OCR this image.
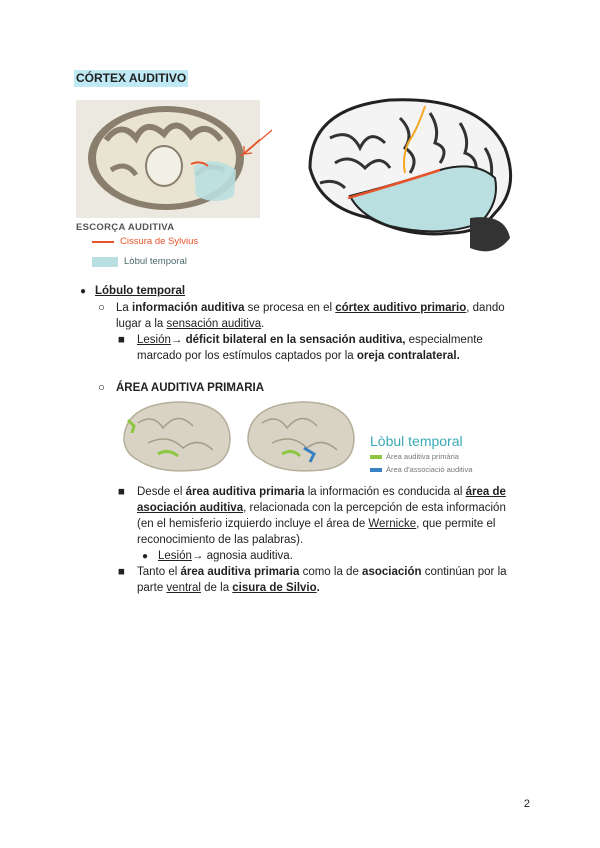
CÓRTEX AUDITIVO
ESCORÇA AUDITIVA
Cissura de Sylvius
Lòbul temporal
● Lóbulo temporal
○ La información auditiva se procesa en el córtex auditivo primario, dando
lugar a la sensación auditiva.
■ Lesión→ déficit bilateral en la sensación auditiva, especialmente
marcado por los estímulos captados por la oreja contralateral.
○ ÁREA AUDITIVA PRIMARIA
Lòbul temporal
Àrea auditiva primària
Àrea d'associació auditiva
■ Desde el área auditiva primaria la información es conducida al área de
asociación auditiva, relacionada con la percepción de esta información
(en el hemisferio izquierdo incluye el área de Wernicke, que permite el
reconocimiento de las palabras).
● Lesión→ agnosia auditiva.
■ Tanto el área auditiva primaria como la de asociación continúan por la
parte ventral de la cisura de Silvio.
2
